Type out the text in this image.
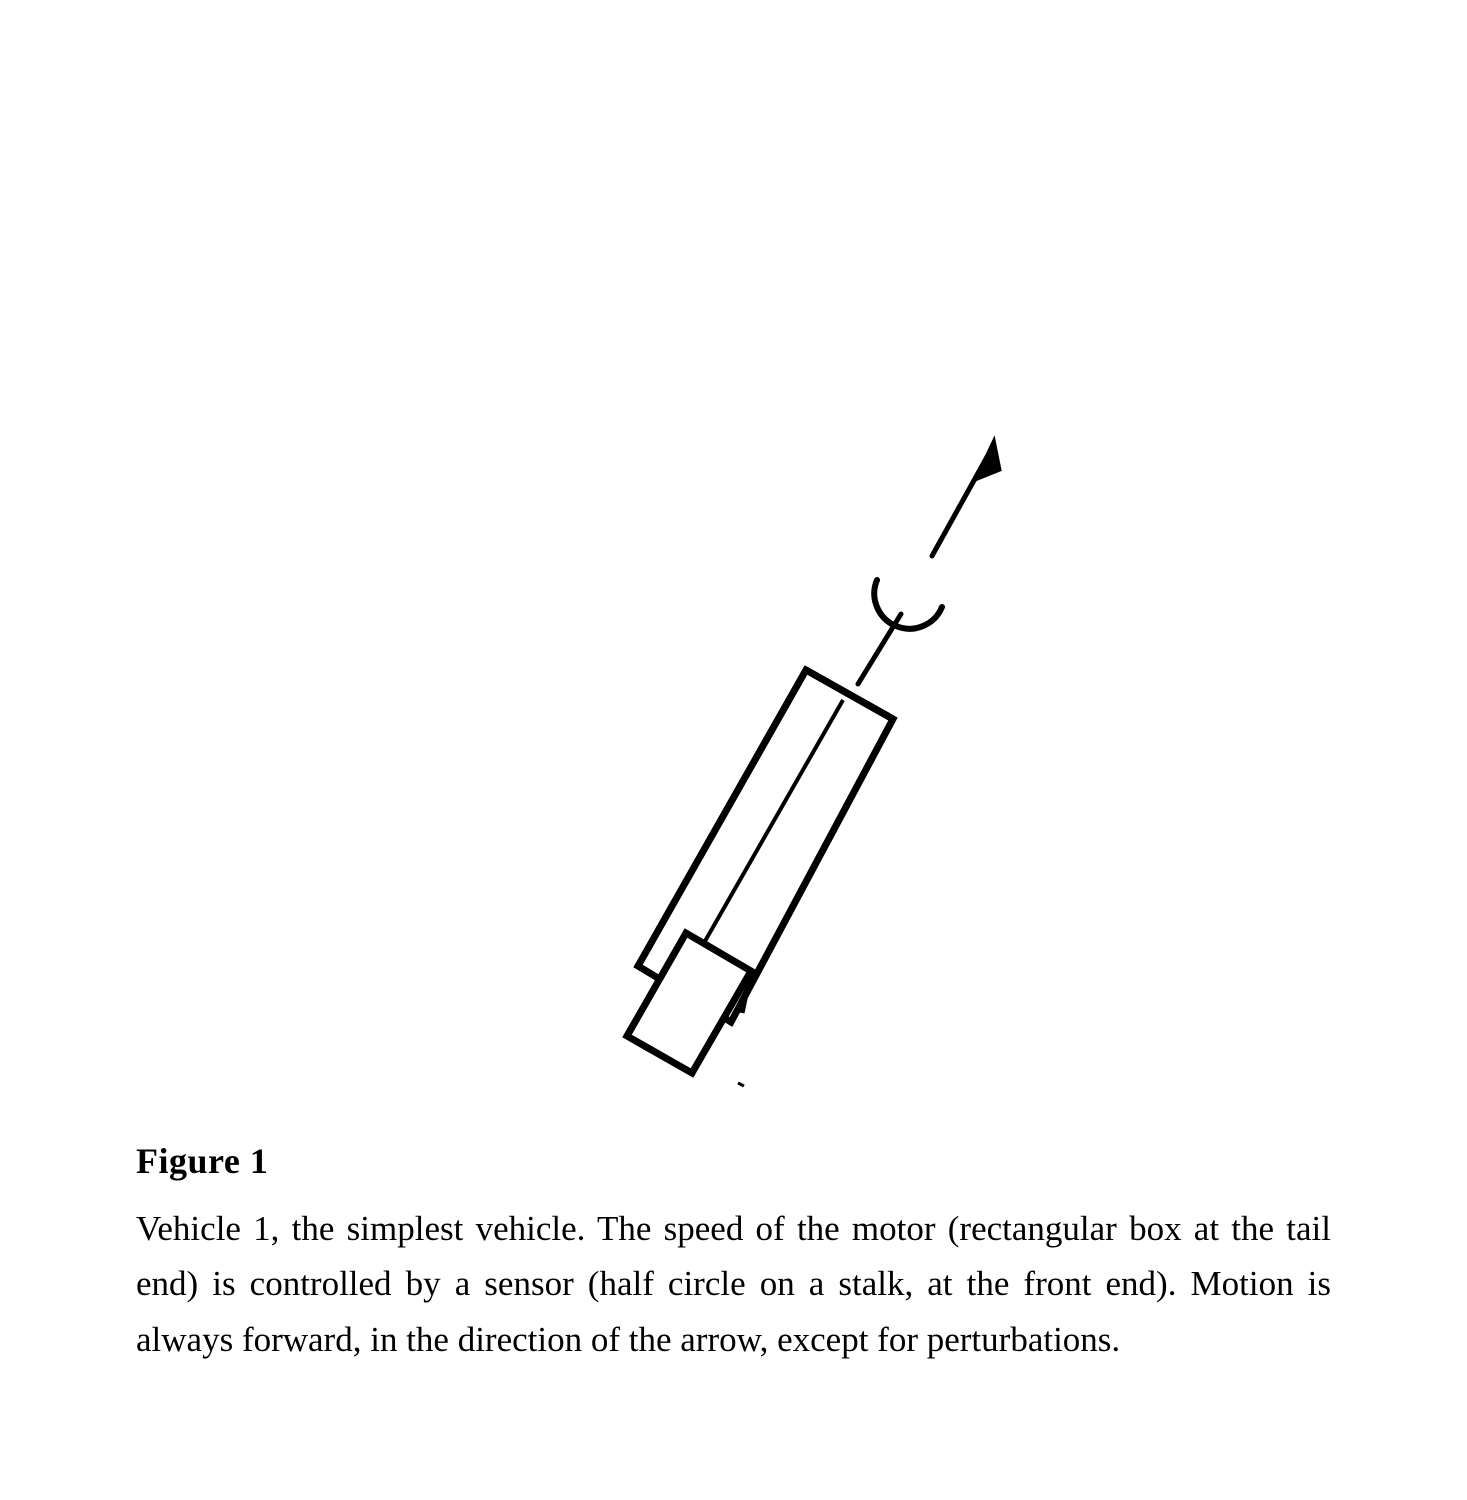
Figure 1

Vehicle 1, the simplest vehicle. The speed of the motor (rectangular box at the tail end) is controlled by a sensor (half circle on a stalk, at the front end). Motion is always forward, in the direction of the arrow, except for perturbations.
